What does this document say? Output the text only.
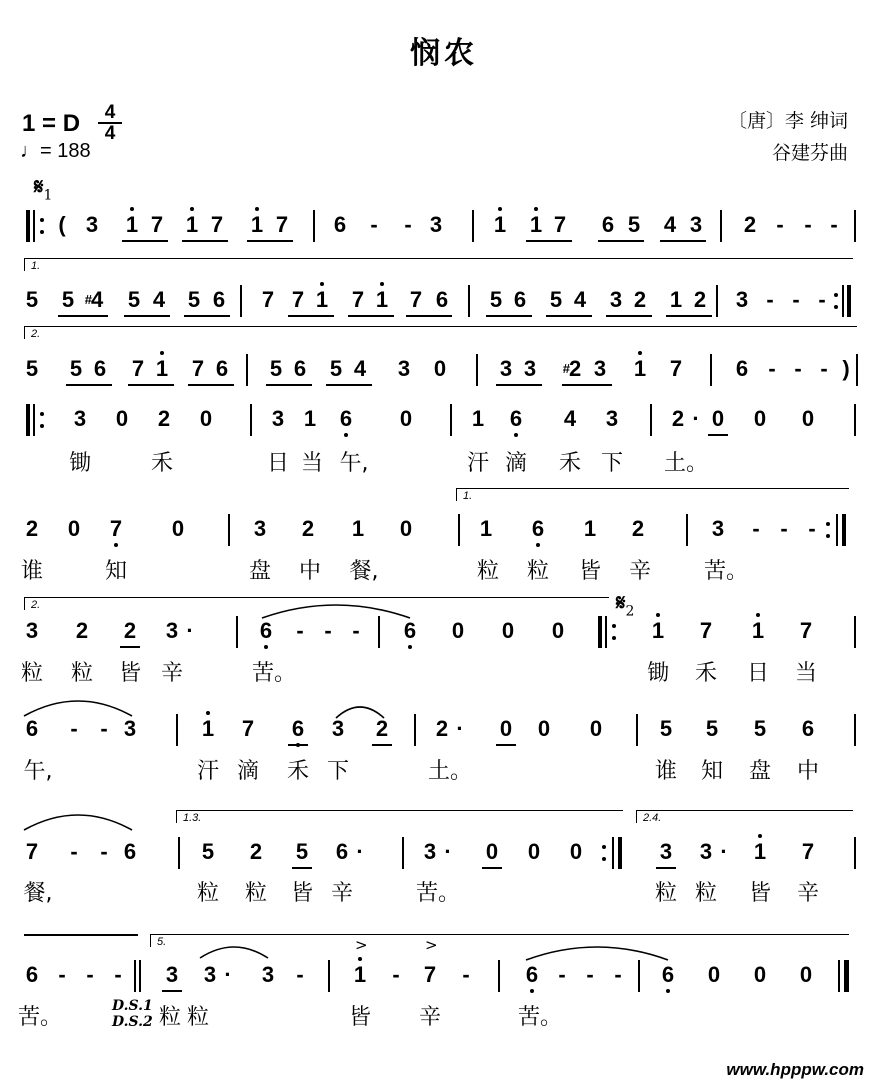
悯农
1 = D	4
4
♩= 188
〔唐〕李 绅词
谷建芬曲
$𝄋_1$
( 3 1 7 1 7 1 7 6	-	- 3 1 1 7 6 5 4 3 2 - - -
1.
5 5 #4 5 4 5 6 7 7 1 7 1 7 6 5 6 5 4 3 2 1 2 3 - - -
2.
5 5 6 7 1 7 6 5 6 5 4 3 0 3 3	#2 3 1 7 6 - - - )
3 0 2 0	3 1 6 0	1 6 4 3 2 · 0 0 0
锄	禾	日 当 午,	汗 滴 禾 下 土。
1.
2 0 7 0	3 2 1 0	1 6 1 2	3	- - -
谁	知	盘 中 餐,	粒 粒 皆 辛 苦。
2.	$𝄋_2$
3 2 2 3 ·	6	- - -	6 0 0 0	1 7 1 7
粒 粒 皆 辛	苦。	锄 禾 日 当
6	-	- 3	1 7 6 3 2 2 ·	0 0 0	5 5 5 6
午,	汗 滴 禾 下	土。	谁 知 盘 中
1.3.	2.4.
7	-	- 6	5 2 5 6 ·	3 ·	0 0 0	3 3 ·	1 7
餐,	粒 粒 皆 辛	苦。	粒 粒 皆 辛
5.	>	>
6 - - -	3 3 ·	3	-	1	-	7	-	6 - - -	6 0 0 0
苦。	粒 粒	皆 辛	苦。
D.S.1
D.S.2
www.hpppw.com
